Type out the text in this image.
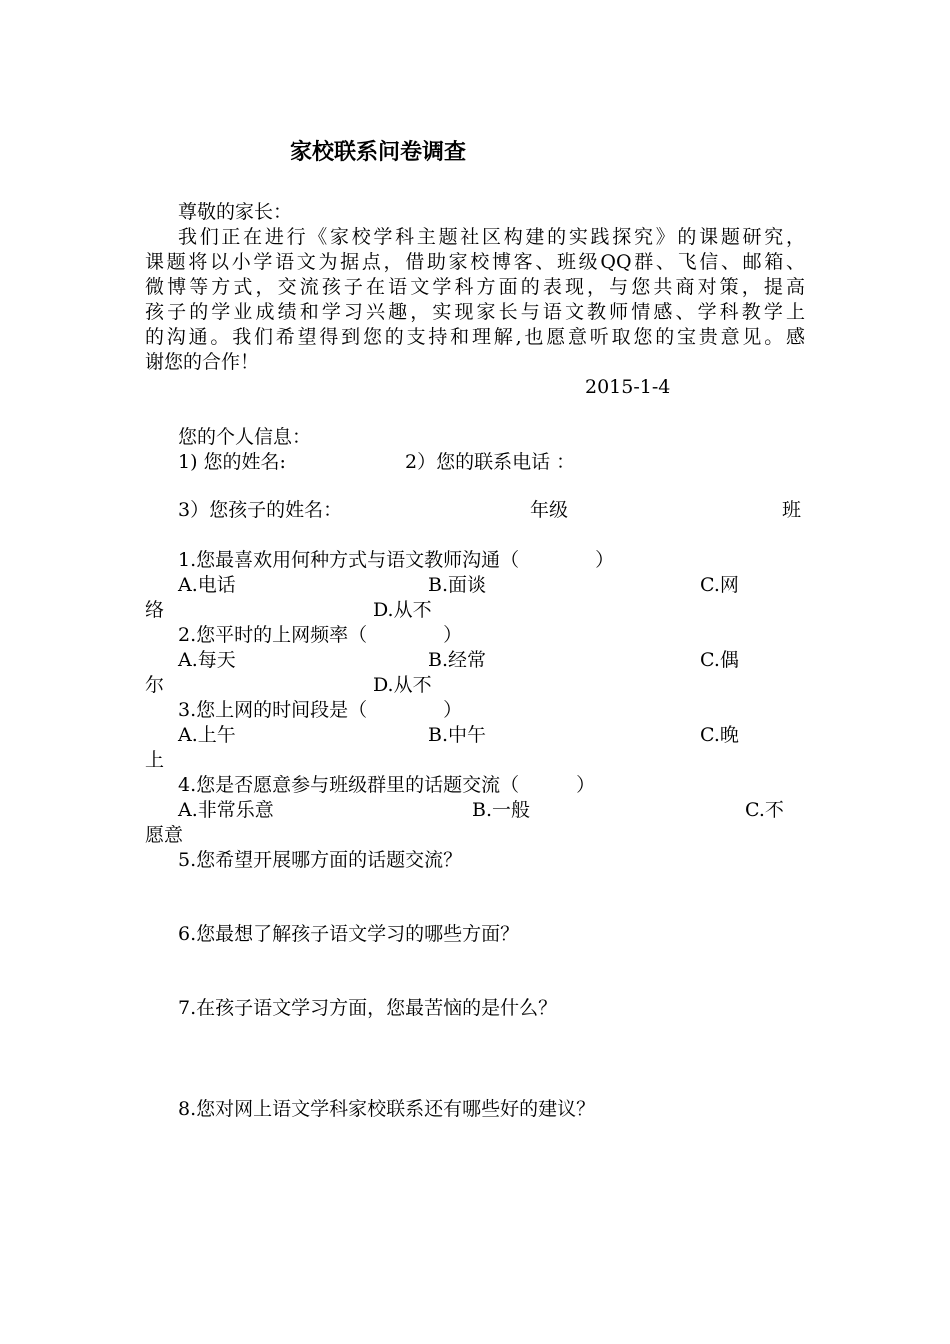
家校联系问卷调查
尊敬的家长：
我们正在进行《家校学科主题社区构建的实践探究》的课题研究，
课题将以小学语文为据点，借助家校博客、班级QQ群、飞信、邮箱、
微博等方式，交流孩子在语文学科方面的表现，与您共商对策，提高
孩子的学业成绩和学习兴趣，实现家长与语文教师情感、学科教学上
的沟通。我们希望得到您的支持和理解,也愿意听取您的宝贵意见。感
谢您的合作！
2015-1-4
您的个人信息：
1) 您的姓名:	2）您的联系电话 ：
3）您孩子的姓名：	年级	班
1.您最喜欢用何种方式与语文教师沟通（　　　　）
A.电话	B.面谈	C.网
络	D.从不
2.您平时的上网频率（　　　　）
A.每天	B.经常	C.偶
尔	D.从不
3.您上网的时间段是（　　　　）
A.上午	B.中午	C.晚
上
4.您是否愿意参与班级群里的话题交流（　　　）
A.非常乐意	B.一般	C.不
愿意
5.您希望开展哪方面的话题交流？
6.您最想了解孩子语文学习的哪些方面？
7.在孩子语文学习方面，您最苦恼的是什么？
8.您对网上语文学科家校联系还有哪些好的建议？
